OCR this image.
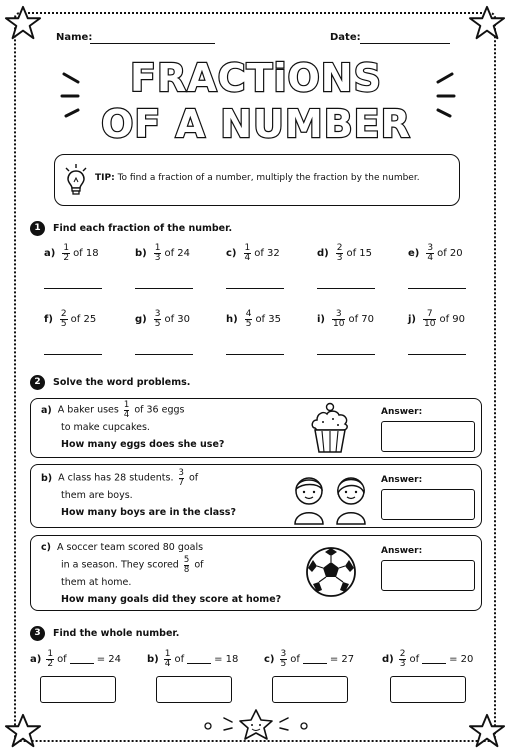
Name:	Date:
FRACTiONS
OF A NUMBER
TIP: To find a fraction of a number, multiply the fraction by the number.
1	Find each fraction of the number.
$a) \frac{1}{2}$ of 18	$b) \frac{1}{3}$ of 24	$c) \frac{1}{4}$ of 32	$d) \frac{2}{3}$ of 15	$e) \frac{3}{4}$ of 20
$f) \frac{2}{5}$ of 25	$g) \frac{3}{5}$ of 30	$h) \frac{4}{5}$ of 35	$i) \frac{3}{10}$ of 70	$j) \frac{7}{10}$ of 90
2	Solve the word problems.
a) A baker uses $\frac{1}{4}$ of 36 eggs
to make cupcakes.
How many eggs does she use?
Answer:
b) A class has 28 students. $\frac{3}{7}$ of
them are boys.
How many boys are in the class?
Answer:
c) A soccer team scored 80 goals
in a season. They scored $\frac{5}{8}$ of
them at home.
How many goals did they score at home?
Answer:
3	Find the whole number.
$a) \frac{1}{2}$ of	= 24	$b) \frac{1}{4}$ of	= 18	$c) \frac{3}{5}$ of	= 27	$d) \frac{2}{3}$ of	= 20
